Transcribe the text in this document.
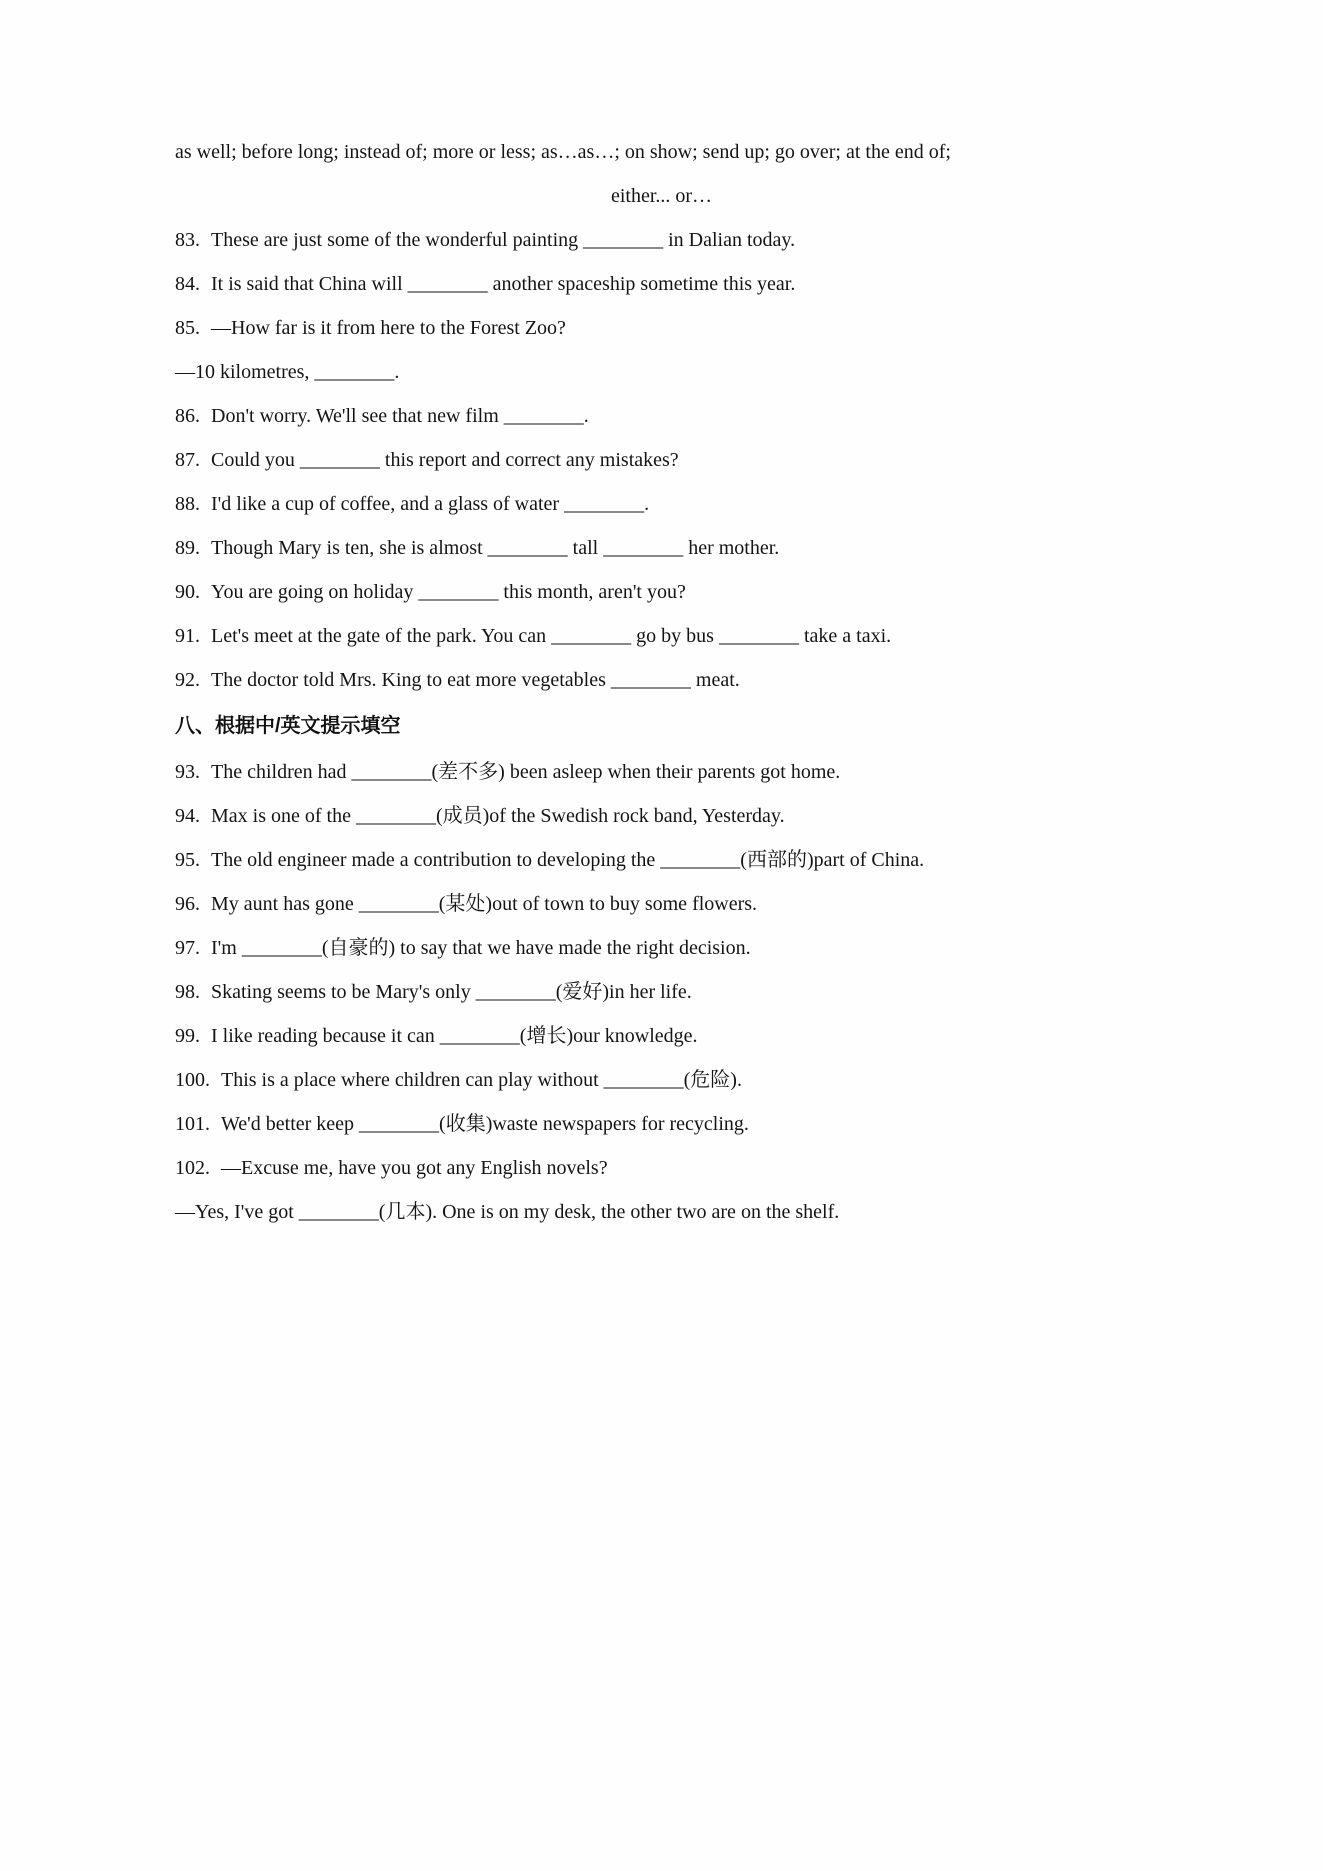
as well; before long; instead of; more or less; as…as…; on show; send up; go over; at the end of;

either... or…

83. These are just some of the wonderful painting ________ in Dalian today.

84. It is said that China will ________ another spaceship sometime this year.

85. —How far is it from here to the Forest Zoo?

—10 kilometres, ________.

86. Don't worry. We'll see that new film ________.

87. Could you ________ this report and correct any mistakes?

88. I'd like a cup of coffee, and a glass of water ________.

89. Though Mary is ten, she is almost ________ tall ________ her mother.

90. You are going on holiday ________ this month, aren't you?

91. Let's meet at the gate of the park. You can ________ go by bus ________ take a taxi.

92. The doctor told Mrs. King to eat more vegetables ________ meat.

八、根据中/英文提示填空

93. The children had ________(差不多) been asleep when their parents got home.

94. Max is one of the ________(成员)of the Swedish rock band, Yesterday.

95. The old engineer made a contribution to developing the ________(西部的)part of China.

96. My aunt has gone ________(某处)out of town to buy some flowers.

97. I'm ________(自豪的) to say that we have made the right decision.

98. Skating seems to be Mary's only ________(爱好)in her life.

99. I like reading because it can ________(增长)our knowledge.

100. This is a place where children can play without ________(危险).

101. We'd better keep ________(收集)waste newspapers for recycling.

102. —Excuse me, have you got any English novels?

—Yes, I've got ________(几本). One is on my desk, the other two are on the shelf.
